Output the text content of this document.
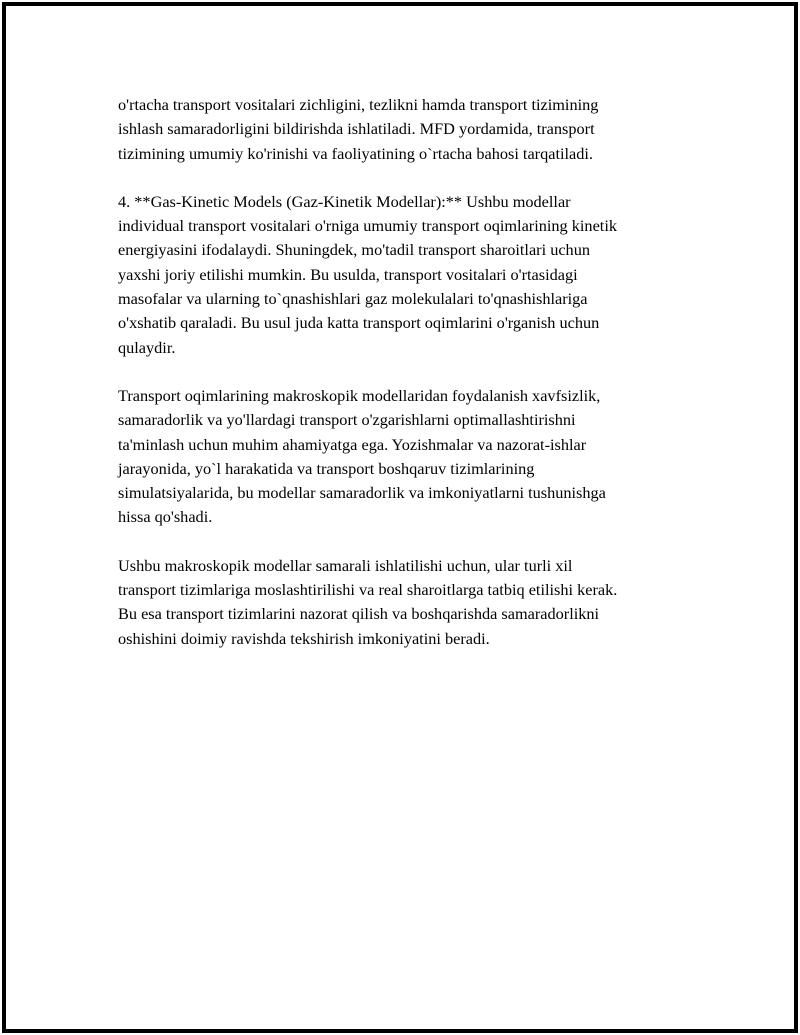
o'rtacha transport vositalari zichligini, tezlikni hamda transport tizimining
ishlash samaradorligini bildirishda ishlatiladi. MFD yordamida, transport
tizimining umumiy ko'rinishi va faoliyatining o`rtacha bahosi tarqatiladi.

4. **Gas-Kinetic Models (Gaz-Kinetik Modellar):** Ushbu modellar
individual transport vositalari o'rniga umumiy transport oqimlarining kinetik
energiyasini ifodalaydi. Shuningdek, mo'tadil transport sharoitlari uchun
yaxshi joriy etilishi mumkin. Bu usulda, transport vositalari o'rtasidagi
masofalar va ularning to`qnashishlari gaz molekulalari to'qnashishlariga
o'xshatib qaraladi. Bu usul juda katta transport oqimlarini o'rganish uchun
qulaydir.

Transport oqimlarining makroskopik modellaridan foydalanish xavfsizlik,
samaradorlik va yo'llardagi transport o'zgarishlarni optimallashtirishni
ta'minlash uchun muhim ahamiyatga ega. Yozishmalar va nazorat-ishlar
jarayonida, yo`l harakatida va transport boshqaruv tizimlarining
simulatsiyalarida, bu modellar samaradorlik va imkoniyatlarni tushunishga
hissa qo'shadi.

Ushbu makroskopik modellar samarali ishlatilishi uchun, ular turli xil
transport tizimlariga moslashtirilishi va real sharoitlarga tatbiq etilishi kerak.
Bu esa transport tizimlarini nazorat qilish va boshqarishda samaradorlikni
oshishini doimiy ravishda tekshirish imkoniyatini beradi.
